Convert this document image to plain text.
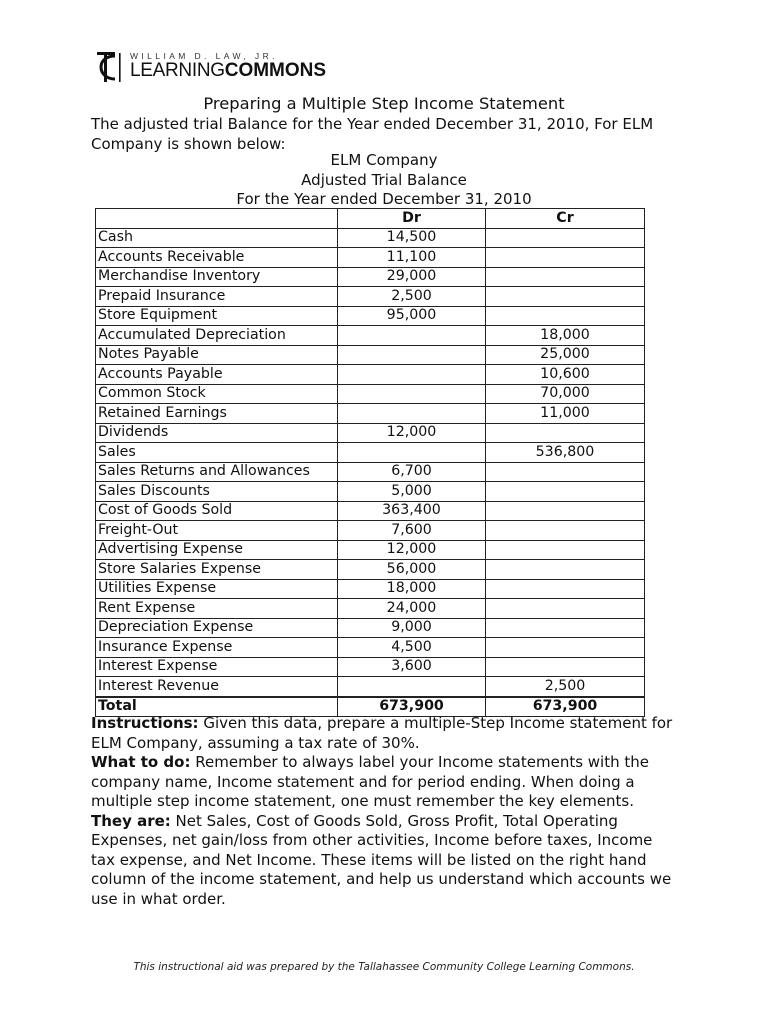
WILLIAM D. LAW, JR.
LEARNINGCOMMONS
Preparing a Multiple Step Income Statement
The adjusted trial Balance for the Year ended December 31, 2010, For ELM Company is shown below:
ELM Company
Adjusted Trial Balance
For the Year ended December 31, 2010
	Dr	Cr
Cash	14,500	
Accounts Receivable	11,100	
Merchandise Inventory	29,000	
Prepaid Insurance	2,500	
Store Equipment	95,000	
Accumulated Depreciation		18,000
Notes Payable		25,000
Accounts Payable		10,600
Common Stock		70,000
Retained Earnings		11,000
Dividends	12,000	
Sales		536,800
Sales Returns and Allowances	6,700	
Sales Discounts	5,000	
Cost of Goods Sold	363,400	
Freight-Out	7,600	
Advertising Expense	12,000	
Store Salaries Expense	56,000	
Utilities Expense	18,000	
Rent Expense	24,000	
Depreciation Expense	9,000	
Insurance Expense	4,500	
Interest Expense	3,600	
Interest Revenue		2,500
Total	673,900	673,900

Instructions: Given this data, prepare a multiple-Step Income statement for ELM Company, assuming a tax rate of 30%.

What to do: Remember to always label your Income statements with the company name, Income statement and for period ending. When doing a multiple step income statement, one must remember the key elements.

They are: Net Sales, Cost of Goods Sold, Gross Profit, Total Operating Expenses, net gain/loss from other activities, Income before taxes, Income tax expense, and Net Income. These items will be listed on the right hand column of the income statement, and help us understand which accounts we use in what order.

This instructional aid was prepared by the Tallahassee Community College Learning Commons.
